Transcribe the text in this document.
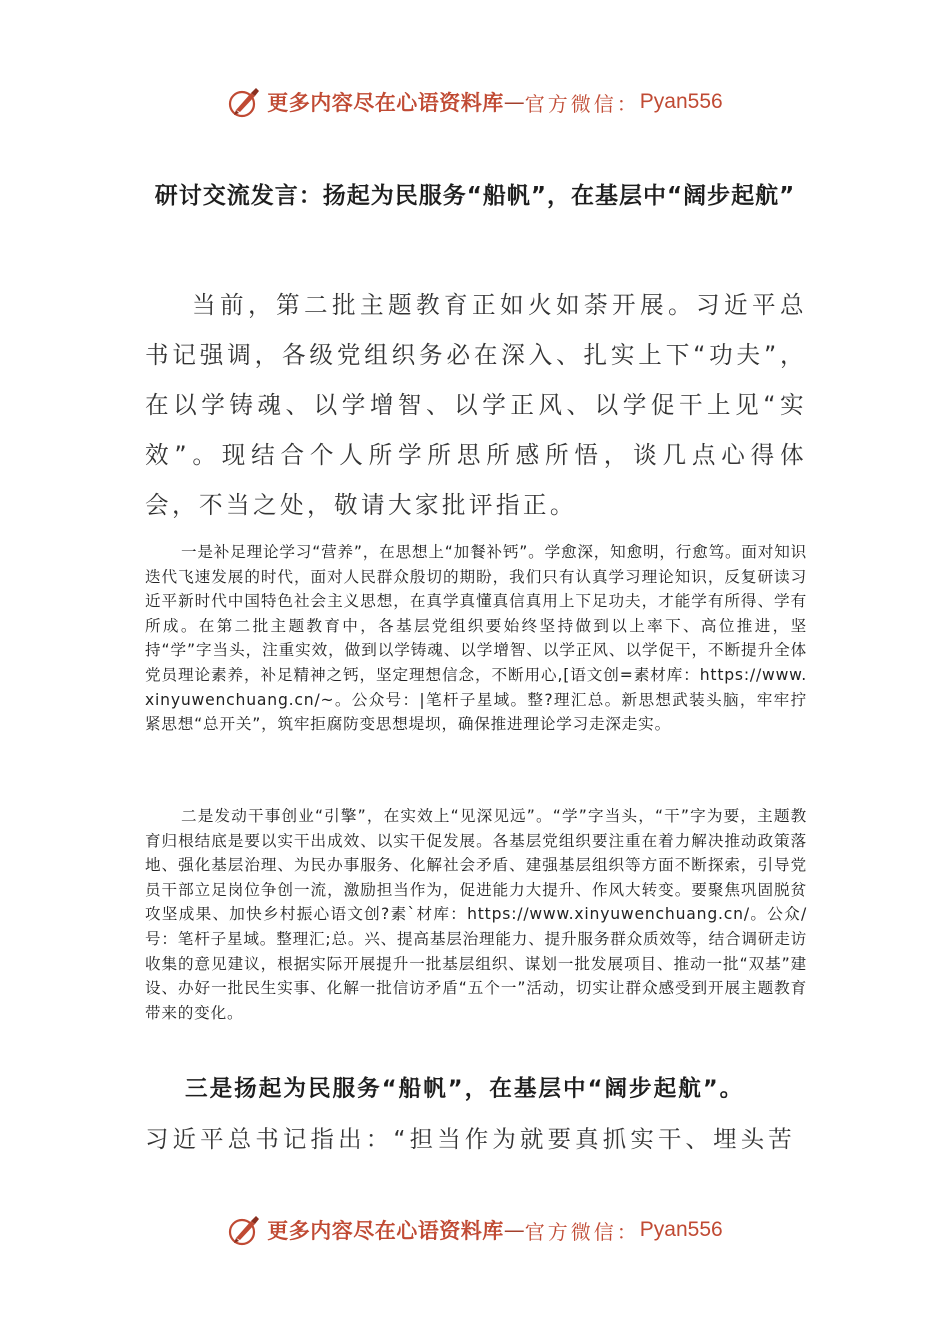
更多内容尽在心语资料库 — 官方微信： Pyan556
研讨交流发言：扬起为民服务“船帆”，在基层中“阔步起航”

当前，第二批主题教育正如火如荼开展。习近平总书记强调，各级党组织务必在深入、扎实上下“功夫”，在以学铸魂、以学增智、以学正风、以学促干上见“实效”。现结合个人所学所思所感所悟，谈几点心得体会，不当之处，敬请大家批评指正。

一是补足理论学习“营养”，在思想上“加餐补钙”。学愈深，知愈明，行愈笃。面对知识迭代飞速发展的时代，面对人民群众殷切的期盼，我们只有认真学习理论知识，反复研读习近平新时代中国特色社会主义思想，在真学真懂真信真用上下足功夫，才能学有所得、学有所成。在第二批主题教育中，各基层党组织要始终坚持做到以上率下、高位推进，坚持“学”字当头，注重实效，做到以学铸魂、以学增智、以学正风、以学促干，不断提升全体党员理论素养，补足精神之钙，坚定理想信念，不断用心,[语文创=素材库：https://www.xinyuwenchuang.cn/~。公众号：|笔杆子星域。整?理汇总。新思想武装头脑，牢牢拧紧思想“总开关”，筑牢拒腐防变思想堤坝，确保推进理论学习走深走实。

二是发动干事创业“引擎”，在实效上“见深见远”。“学”字当头，“干”字为要，主题教育归根结底是要以实干出成效、以实干促发展。各基层党组织要注重在着力解决推动政策落地、强化基层治理、为民办事服务、化解社会矛盾、建强基层组织等方面不断探索，引导党员干部立足岗位争创一流，激励担当作为，促进能力大提升、作风大转变。要聚焦巩固脱贫攻坚成果、加快乡村振心语文创?素`材库：https://www.xinyuwenchuang.cn/。公众/号：笔杆子星域。整理汇;总。兴、提高基层治理能力、提升服务群众质效等，结合调研走访收集的意见建议，根据实际开展提升一批基层组织、谋划一批发展项目、推动一批“双基”建设、办好一批民生实事、化解一批信访矛盾“五个一”活动，切实让群众感受到开展主题教育带来的变化。

三是扬起为民服务“船帆”，在基层中“阔步起航”。

习近平总书记指出：“担当作为就要真抓实干、埋头苦

更多内容尽在心语资料库 — 官方微信： Pyan556
